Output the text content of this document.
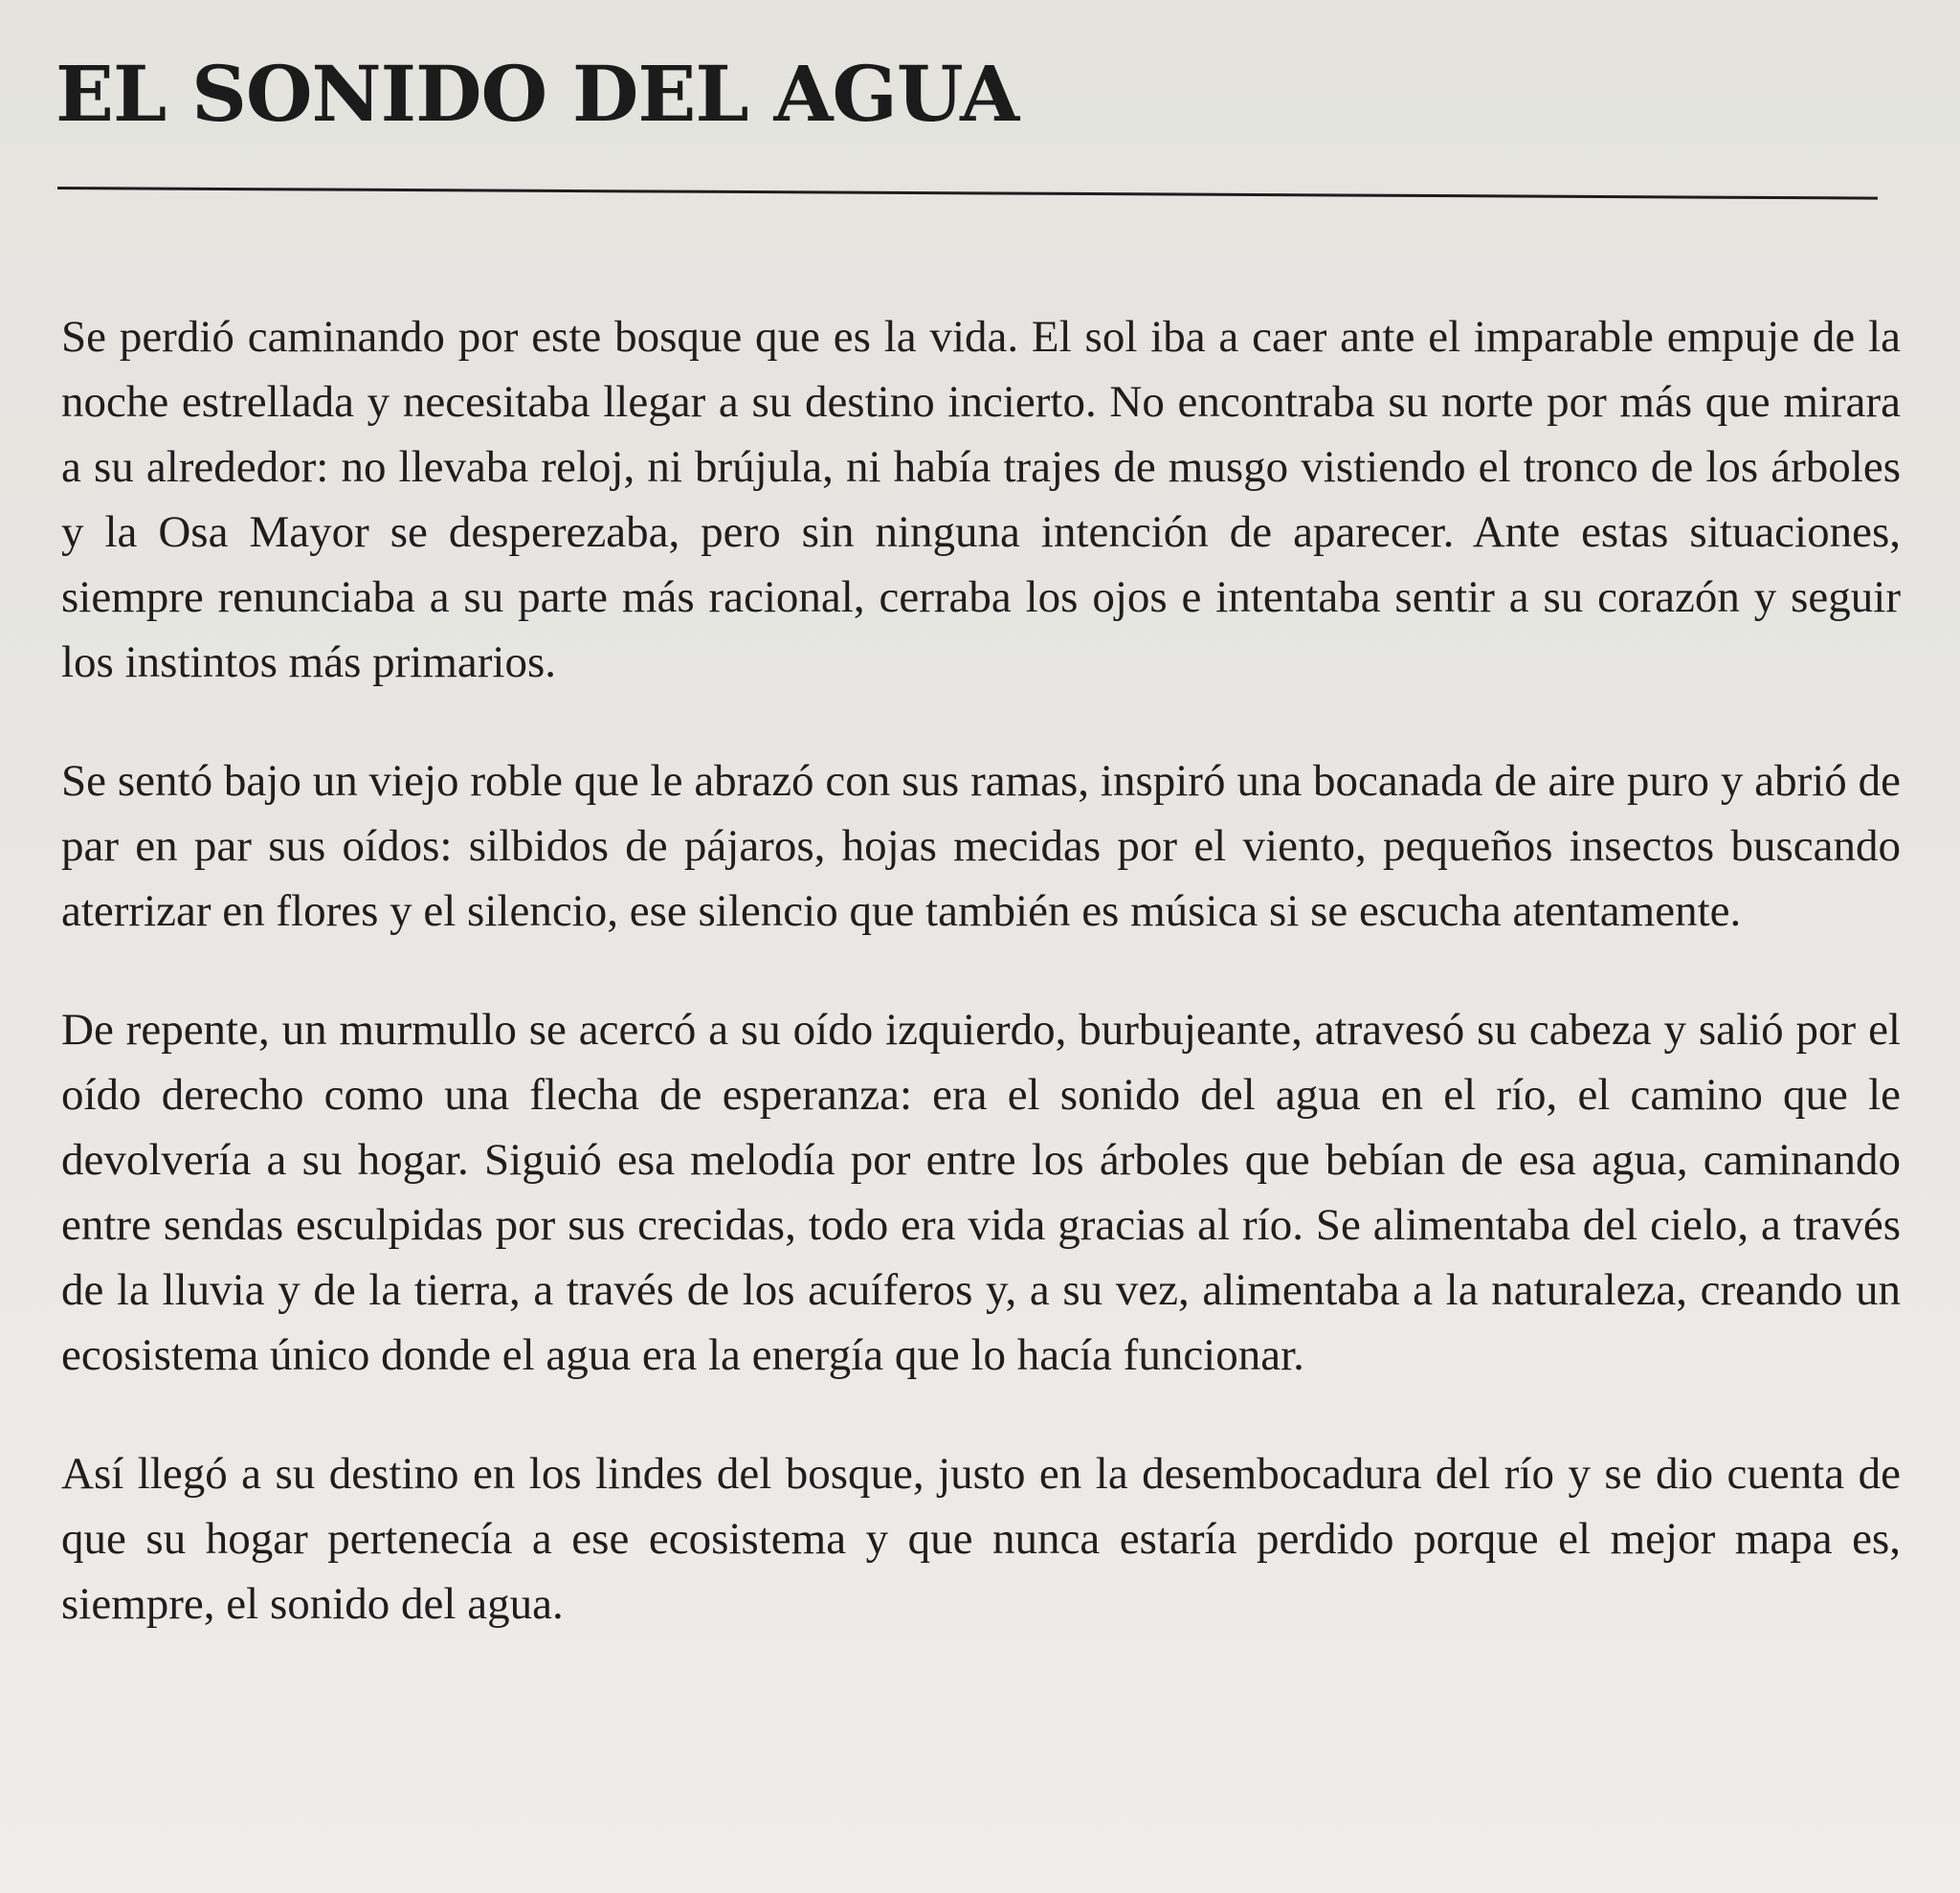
EL SONIDO DEL AGUA

Se perdió caminando por este bosque que es la vida. El sol iba a caer ante el imparable empuje de la noche estrellada y necesitaba llegar a su destino incierto. No encontraba su norte por más que mirara a su alrededor: no llevaba reloj, ni brújula, ni había trajes de musgo vistiendo el tronco de los árboles y la Osa Mayor se desperezaba, pero sin ninguna intención de aparecer. Ante estas situaciones, siempre renunciaba a su parte más racional, cerraba los ojos e intentaba sentir a su corazón y seguir los instintos más primarios.

Se sentó bajo un viejo roble que le abrazó con sus ramas, inspiró una bocanada de aire puro y abrió de par en par sus oídos: silbidos de pájaros, hojas mecidas por el viento, pequeños insectos buscando aterrizar en flores y el silencio, ese silencio que también es música si se escucha atentamente.

De repente, un murmullo se acercó a su oído izquierdo, burbujeante, atravesó su cabeza y salió por el oído derecho como una flecha de esperanza: era el sonido del agua en el río, el camino que le devolvería a su hogar. Siguió esa melodía por entre los árboles que bebían de esa agua, caminando entre sendas esculpidas por sus crecidas, todo era vida gracias al río. Se alimentaba del cielo, a través de la lluvia y de la tierra, a través de los acuíferos y, a su vez, alimentaba a la naturaleza, creando un ecosistema único donde el agua era la energía que lo hacía funcionar.

Así llegó a su destino en los lindes del bosque, justo en la desembocadura del río y se dio cuenta de que su hogar pertenecía a ese ecosistema y que nunca estaría perdido porque el mejor mapa es, siempre, el sonido del agua.
